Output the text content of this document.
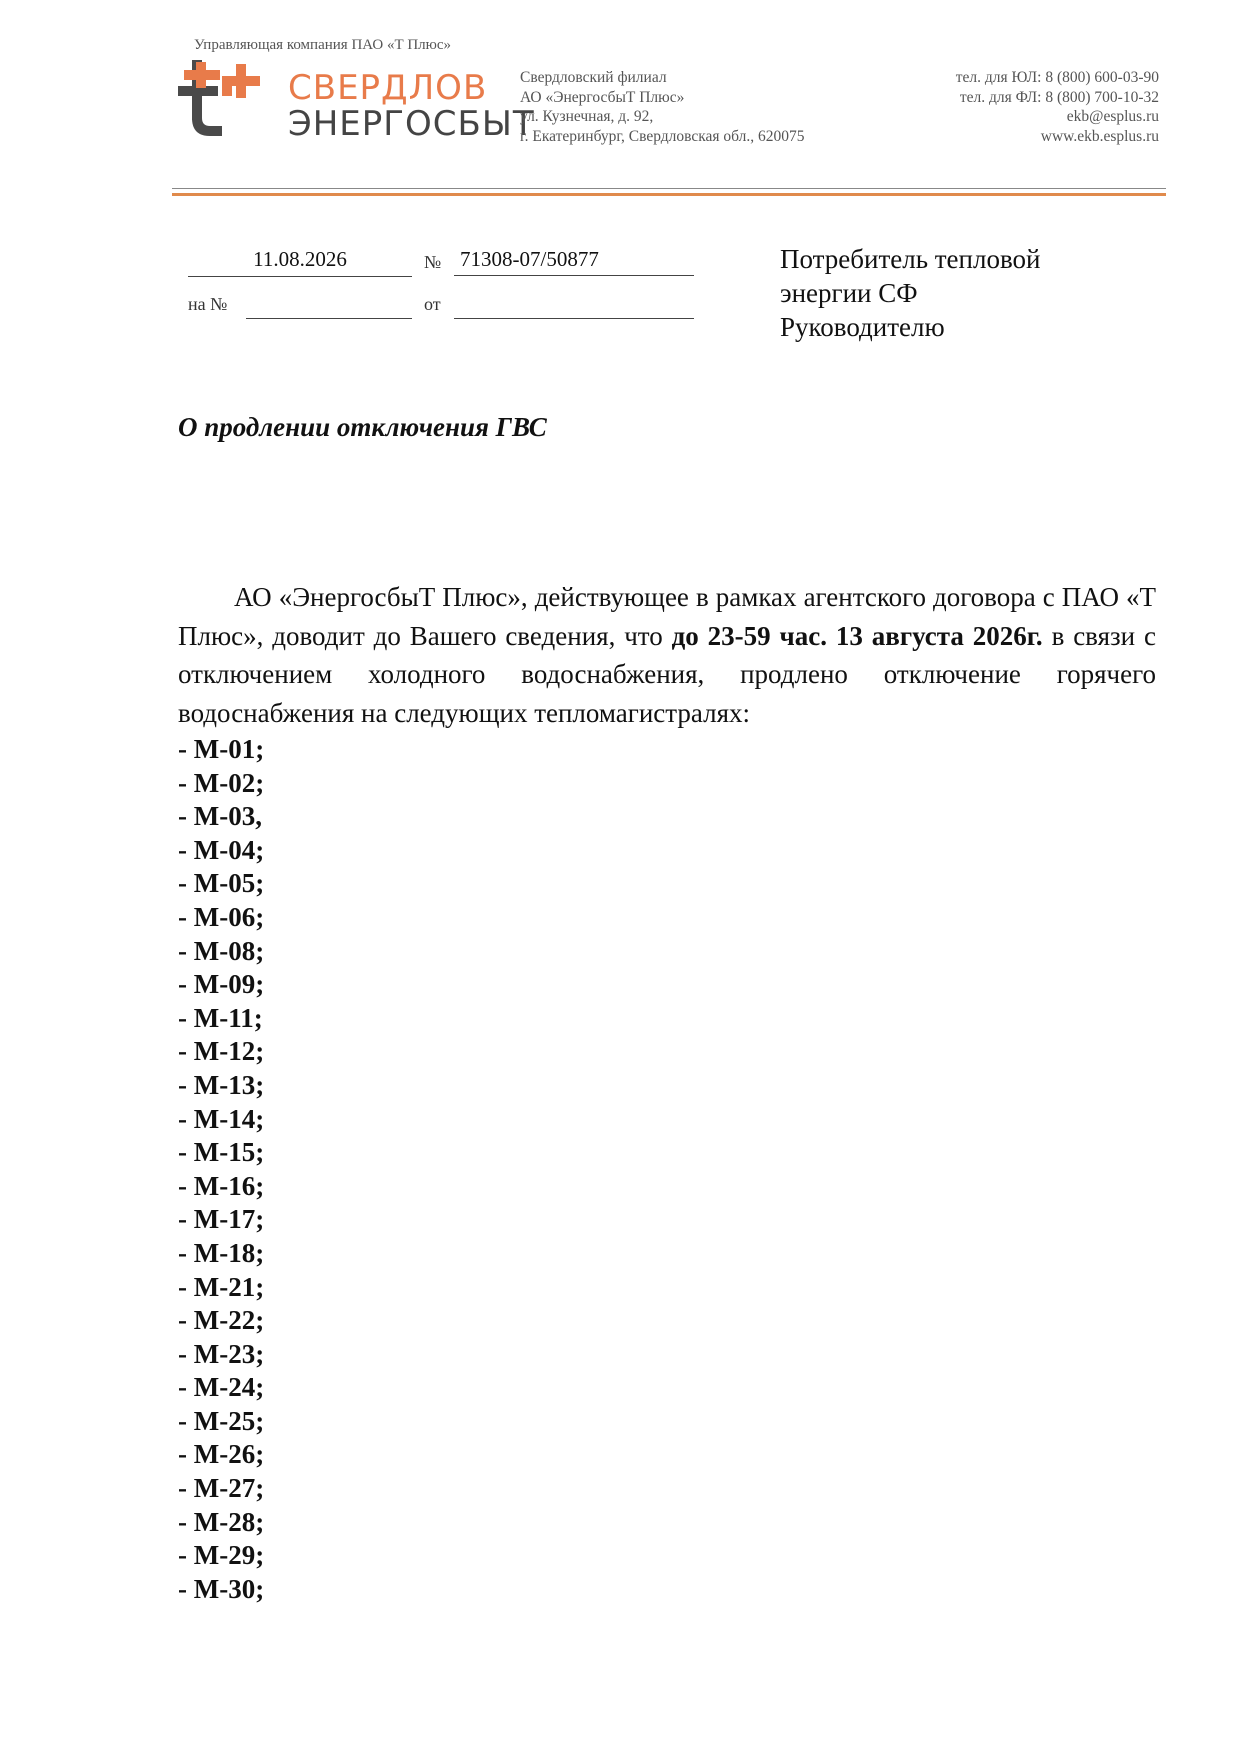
Управляющая компания ПАО «Т Плюс»
СВЕРДЛОВ
ЭНЕРГОСБЫТ
Свердловский филиал
АО «ЭнергосбыТ Плюс»
ул. Кузнечная, д. 92,
г. Екатеринбург, Свердловская обл., 620075
тел. для ЮЛ: 8 (800) 600-03-90
тел. для ФЛ: 8 (800) 700-10-32
ekb@esplus.ru
www.ekb.esplus.ru
11.08.2026	№ 71308-07/50877
на №	от
Потребитель тепловой
энергии СФ
Руководителю
О продлении отключения ГВС
АО «ЭнергосбыТ Плюс», действующее в рамках агентского договора с ПАО «Т Плюс», доводит до Вашего сведения, что до 23-59 час. 13 августа 2026г. в связи с отключением холодного водоснабжения, продлено отключение горячего водоснабжения на следующих тепломагистралях:
- М-01;
- М-02;
- М-03,
- М-04;
- М-05;
- М-06;
- М-08;
- М-09;
- М-11;
- М-12;
- М-13;
- М-14;
- М-15;
- М-16;
- М-17;
- М-18;
- М-21;
- М-22;
- М-23;
- М-24;
- М-25;
- М-26;
- М-27;
- М-28;
- М-29;
- М-30;
